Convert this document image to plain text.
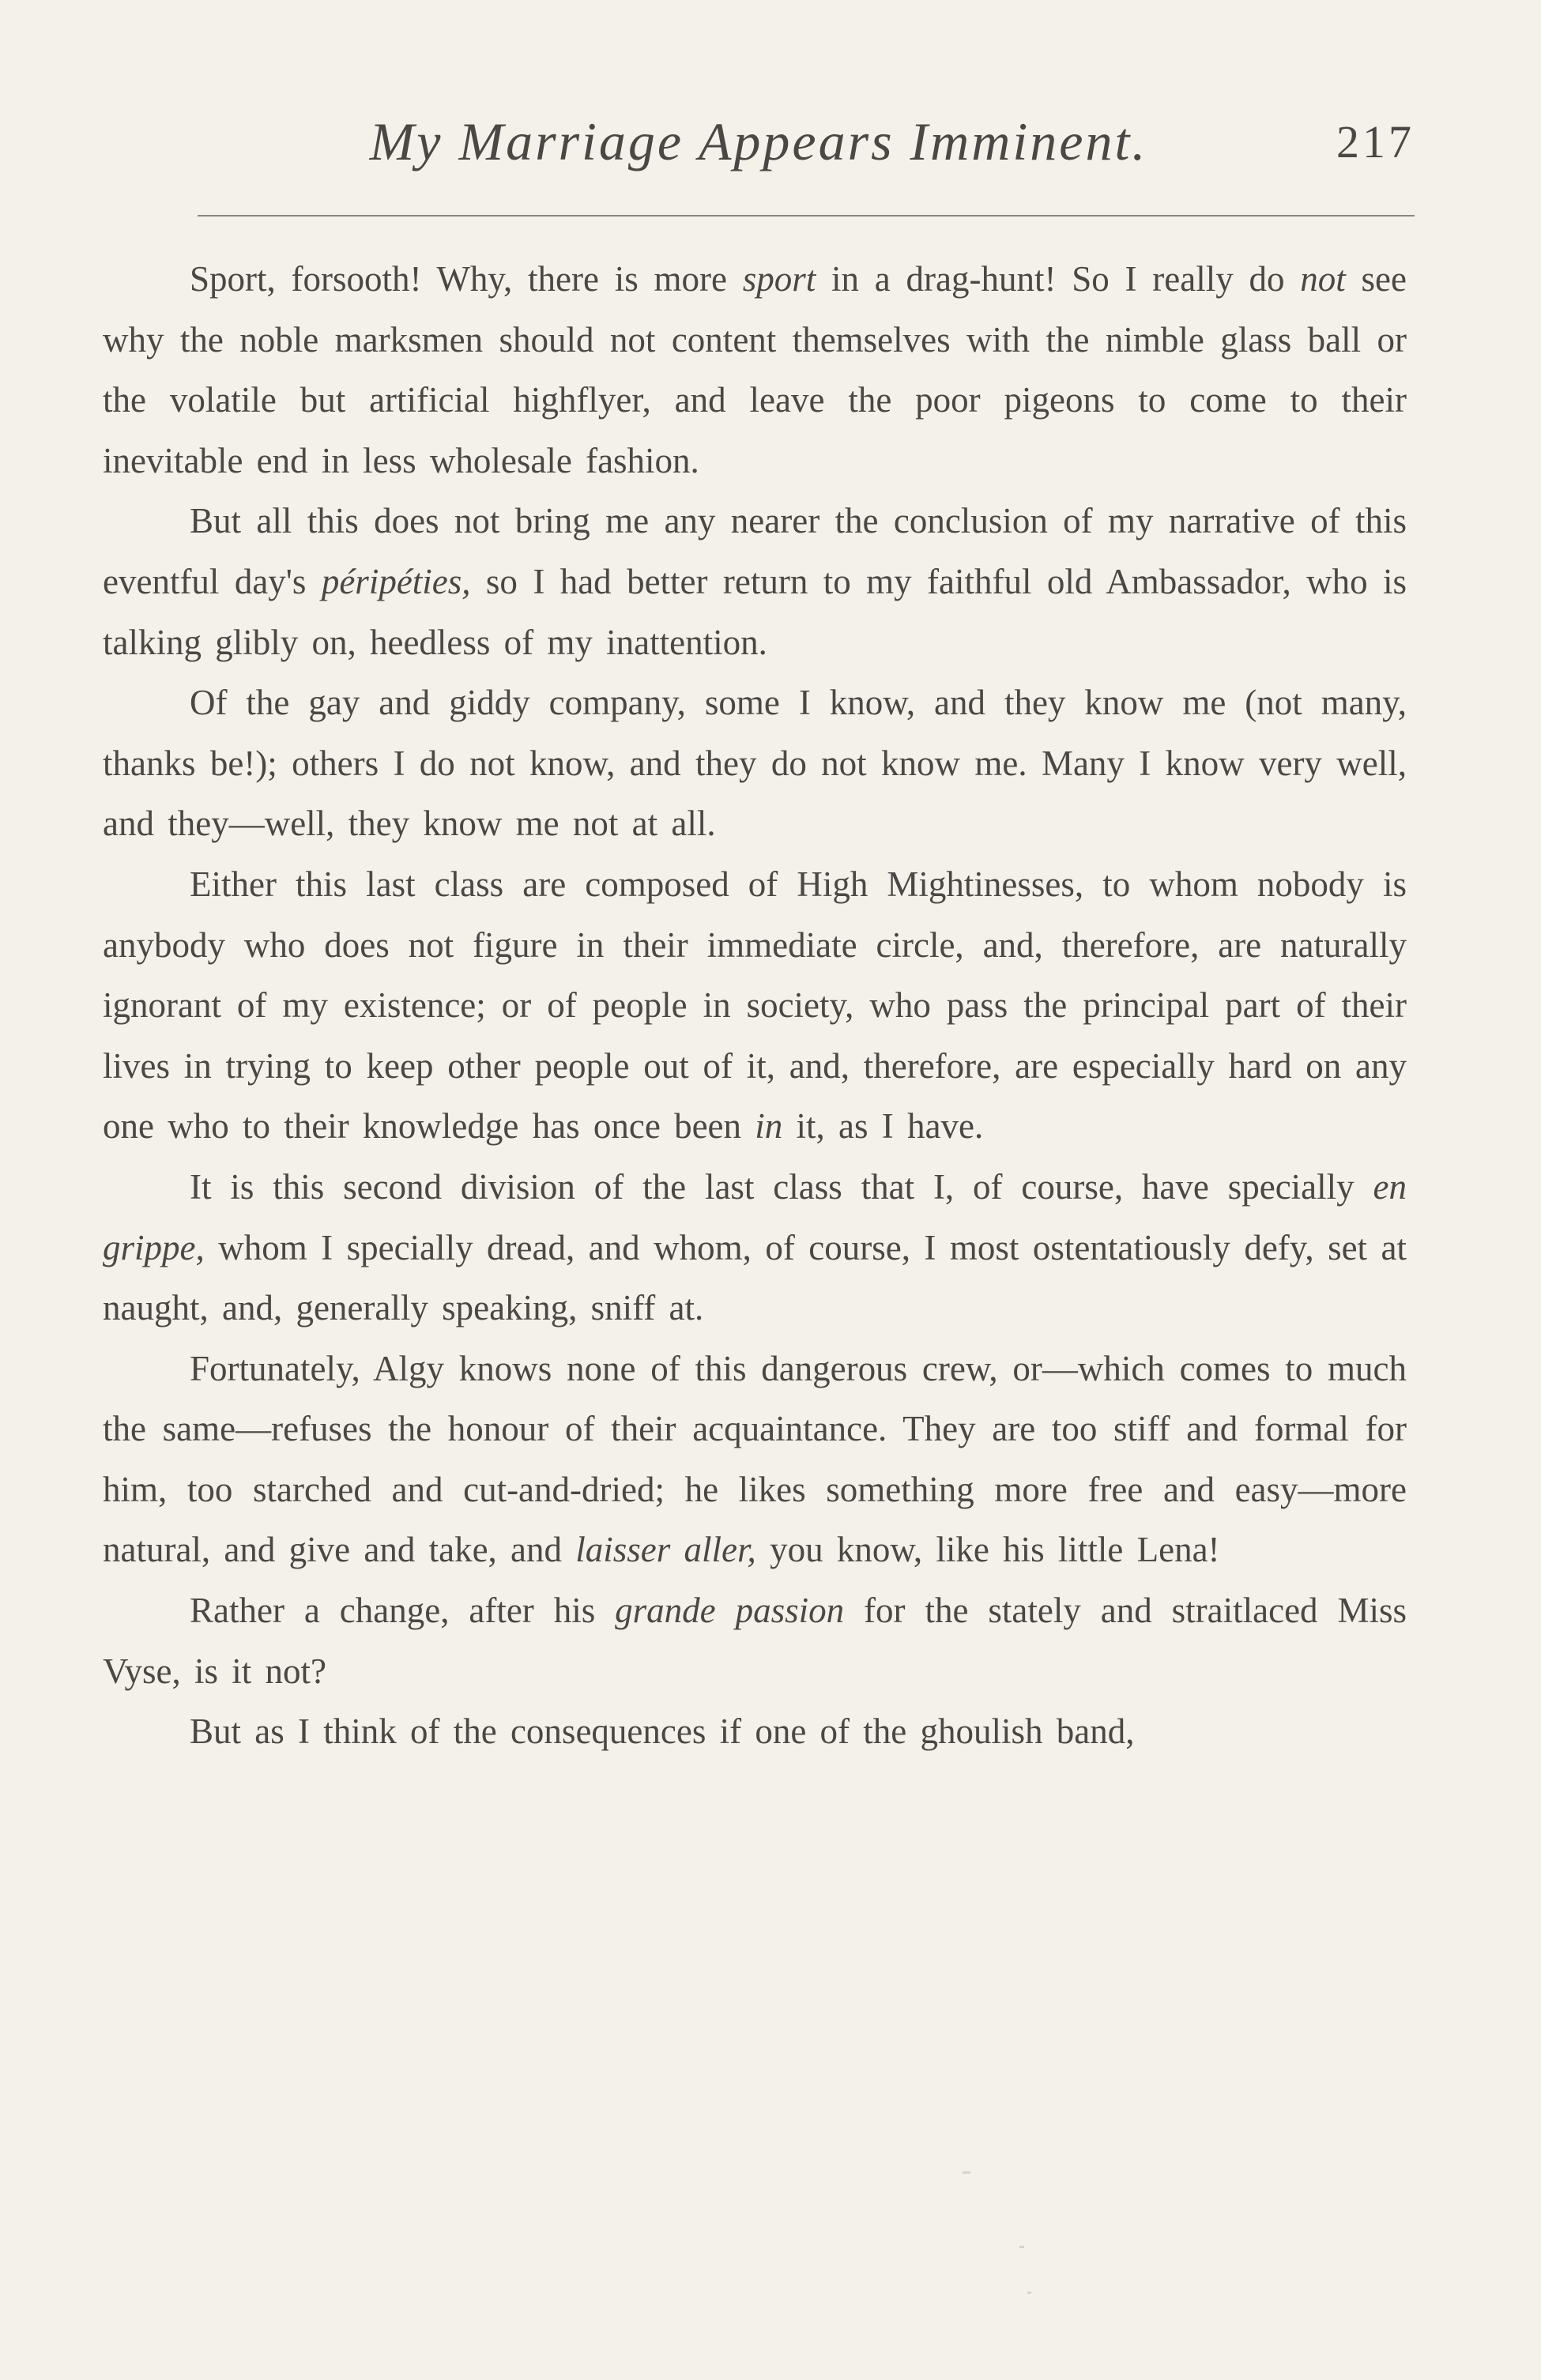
My Marriage Appears Imminent.	217

Sport, forsooth! Why, there is more sport in a drag-hunt! So I really do not see why the noble marksmen should not content themselves with the nimble glass ball or the volatile but artificial highflyer, and leave the poor pigeons to come to their inevitable end in less wholesale fashion.

But all this does not bring me any nearer the conclusion of my narrative of this eventful day's péripéties, so I had better return to my faithful old Ambassador, who is talking glibly on, heedless of my inattention.

Of the gay and giddy company, some I know, and they know me (not many, thanks be!); others I do not know, and they do not know me. Many I know very well, and they—well, they know me not at all.

Either this last class are composed of High Mightinesses, to whom nobody is anybody who does not figure in their immediate circle, and, therefore, are naturally ignorant of my existence; or of people in society, who pass the principal part of their lives in trying to keep other people out of it, and, therefore, are especially hard on any one who to their knowledge has once been in it, as I have.

It is this second division of the last class that I, of course, have specially en grippe, whom I specially dread, and whom, of course, I most ostentatiously defy, set at naught, and, generally speaking, sniff at.

Fortunately, Algy knows none of this dangerous crew, or—which comes to much the same—refuses the honour of their acquaintance. They are too stiff and formal for him, too starched and cut-and-dried; he likes something more free and easy—more natural, and give and take, and laisser aller, you know, like his little Lena!

Rather a change, after his grande passion for the stately and straitlaced Miss Vyse, is it not?

But as I think of the consequences if one of the ghoulish band,
